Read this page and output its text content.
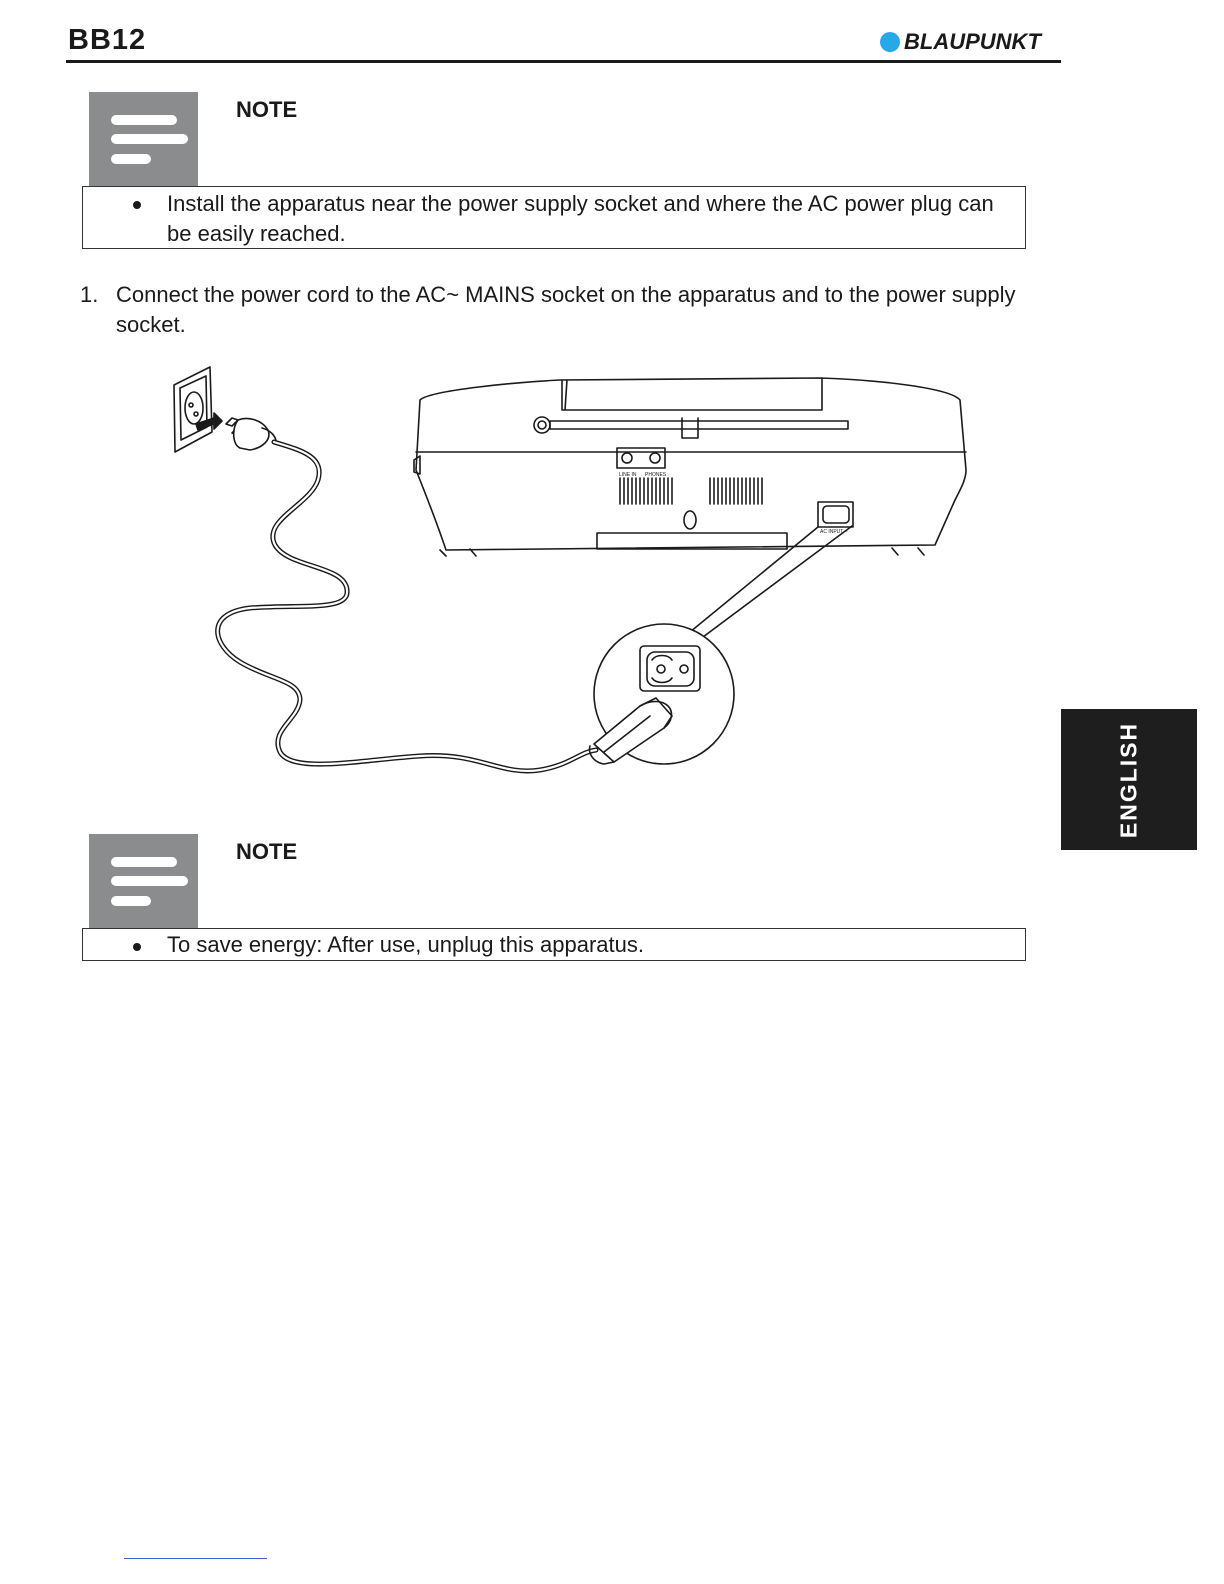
BB12	BLAUPUNKT
NOTE
Install the apparatus near the power supply socket and where the AC power plug can be easily reached.
1. Connect the power cord to the AC~ MAINS socket on the apparatus and to the power supply socket.
LINE IN PHONES
AC INPUT ~
NOTE
To save energy: After use, unplug this apparatus.
ENGLISH
